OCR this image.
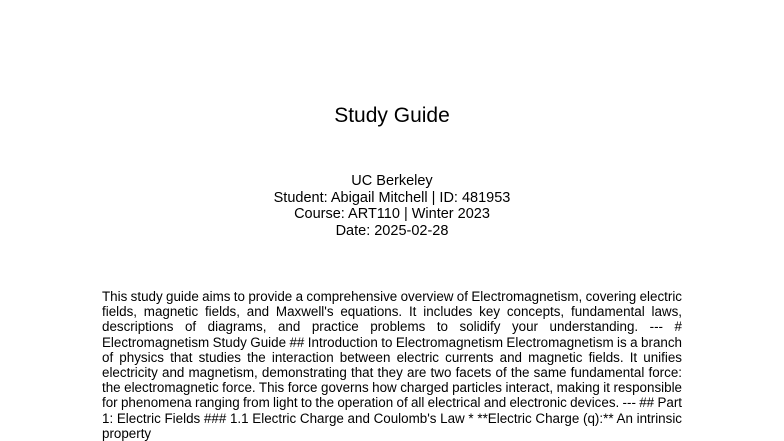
Study Guide
UC Berkeley
Student: Abigail Mitchell | ID: 481953
Course: ART110 | Winter 2023
Date: 2025-02-28
This study guide aims to provide a comprehensive overview of Electromagnetism, covering electric fields, magnetic fields, and Maxwell's equations. It includes key concepts, fundamental laws, descriptions of diagrams, and practice problems to solidify your understanding. --- # Electromagnetism Study Guide ## Introduction to Electromagnetism Electromagnetism is a branch of physics that studies the interaction between electric currents and magnetic fields. It unifies electricity and magnetism, demonstrating that they are two facets of the same fundamental force: the electromagnetic force. This force governs how charged particles interact, making it responsible for phenomena ranging from light to the operation of all electrical and electronic devices. --- ## Part 1: Electric Fields ### 1.1 Electric Charge and Coulomb's Law * **Electric Charge (q):** An intrinsic property
